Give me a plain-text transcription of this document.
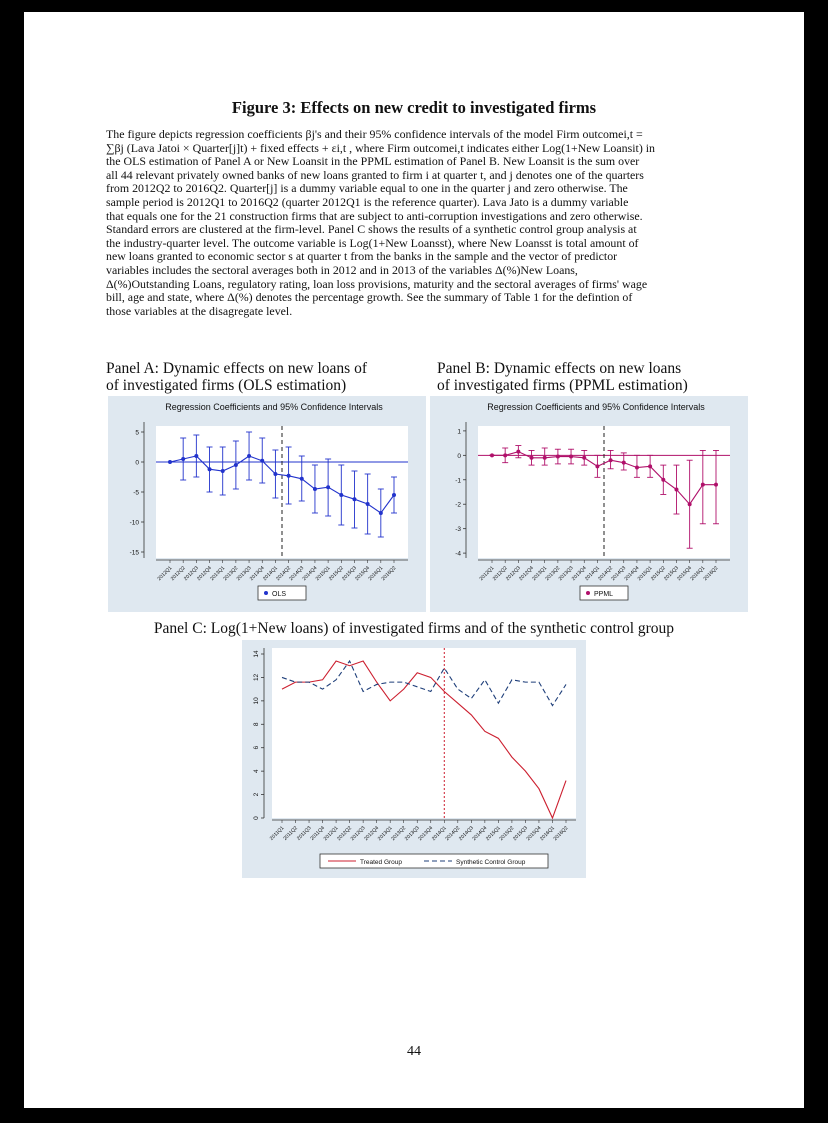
Figure 3: Effects on new credit to investigated firms

The figure depicts regression coefficients βj's and their 95% confidence intervals of the model Firm outcomei,t =

∑βj (Lava Jatoi × Quarter[j]t) + fixed effects + εi,t , where Firm outcomei,t indicates either Log(1+New Loansit) in

the OLS estimation of Panel A or New Loansit in the PPML estimation of Panel B. New Loansit is the sum over

all 44 relevant privately owned banks of new loans granted to firm i at quarter t, and j denotes one of the quarters

from 2012Q2 to 2016Q2. Quarter[j] is a dummy variable equal to one in the quarter j and zero otherwise. The

sample period is 2012Q1 to 2016Q2 (quarter 2012Q1 is the reference quarter). Lava Jato is a dummy variable

that equals one for the 21 construction firms that are subject to anti-corruption investigations and zero otherwise.

Standard errors are clustered at the firm-level. Panel C shows the results of a synthetic control group analysis at

the industry-quarter level. The outcome variable is Log(1+New Loansst), where New Loansst is total amount of

new loans granted to economic sector s at quarter t from the banks in the sample and the vector of predictor

variables includes the sectoral averages both in 2012 and in 2013 of the variables Δ(%)New Loans,

Δ(%)Outstanding Loans, regulatory rating, loan loss provisions, maturity and the sectoral averages of firms' wage

bill, age and state, where Δ(%) denotes the percentage growth. See the summary of Table 1 for the defintion of

those variables at the disagregate level.

Panel A: Dynamic effects on new loans of
of investigated firms (OLS estimation)
Panel B: Dynamic effects on new loans
of investigated firms (PPML estimation)
Regression Coefficients and 95% Confidence Intervals
5
0
-5
-10
-15
2012Q1
2012Q2
2012Q3
2012Q4
2013Q1
2013Q2
2013Q3
2013Q4
2014Q1
2014Q2
2014Q3
2014Q4
2015Q1
2015Q2
2015Q3
2015Q4
2016Q1
2016Q2
OLS
Regression Coefficients and 95% Confidence Intervals
1
0
-1
-2
-3
-4
2012Q1
2012Q2
2012Q3
2012Q4
2013Q1
2013Q2
2013Q3
2013Q4
2014Q1
2014Q2
2014Q3
2014Q4
2015Q1
2015Q2
2015Q3
2015Q4
2016Q1
2016Q2
PPML
Panel C: Log(1+New loans) of investigated firms and of the synthetic control group
0
2
4
6
8
10
12
14
2011Q1
2011Q2
2011Q3
2011Q4
2012Q1
2012Q2
2012Q3
2012Q4
2013Q1
2013Q2
2013Q3
2013Q4
2014Q1
2014Q2
2014Q3
2014Q4
2015Q1
2015Q2
2015Q3
2015Q4
2016Q1
2016Q2
Treated Group	Synthetic Control Group
44
